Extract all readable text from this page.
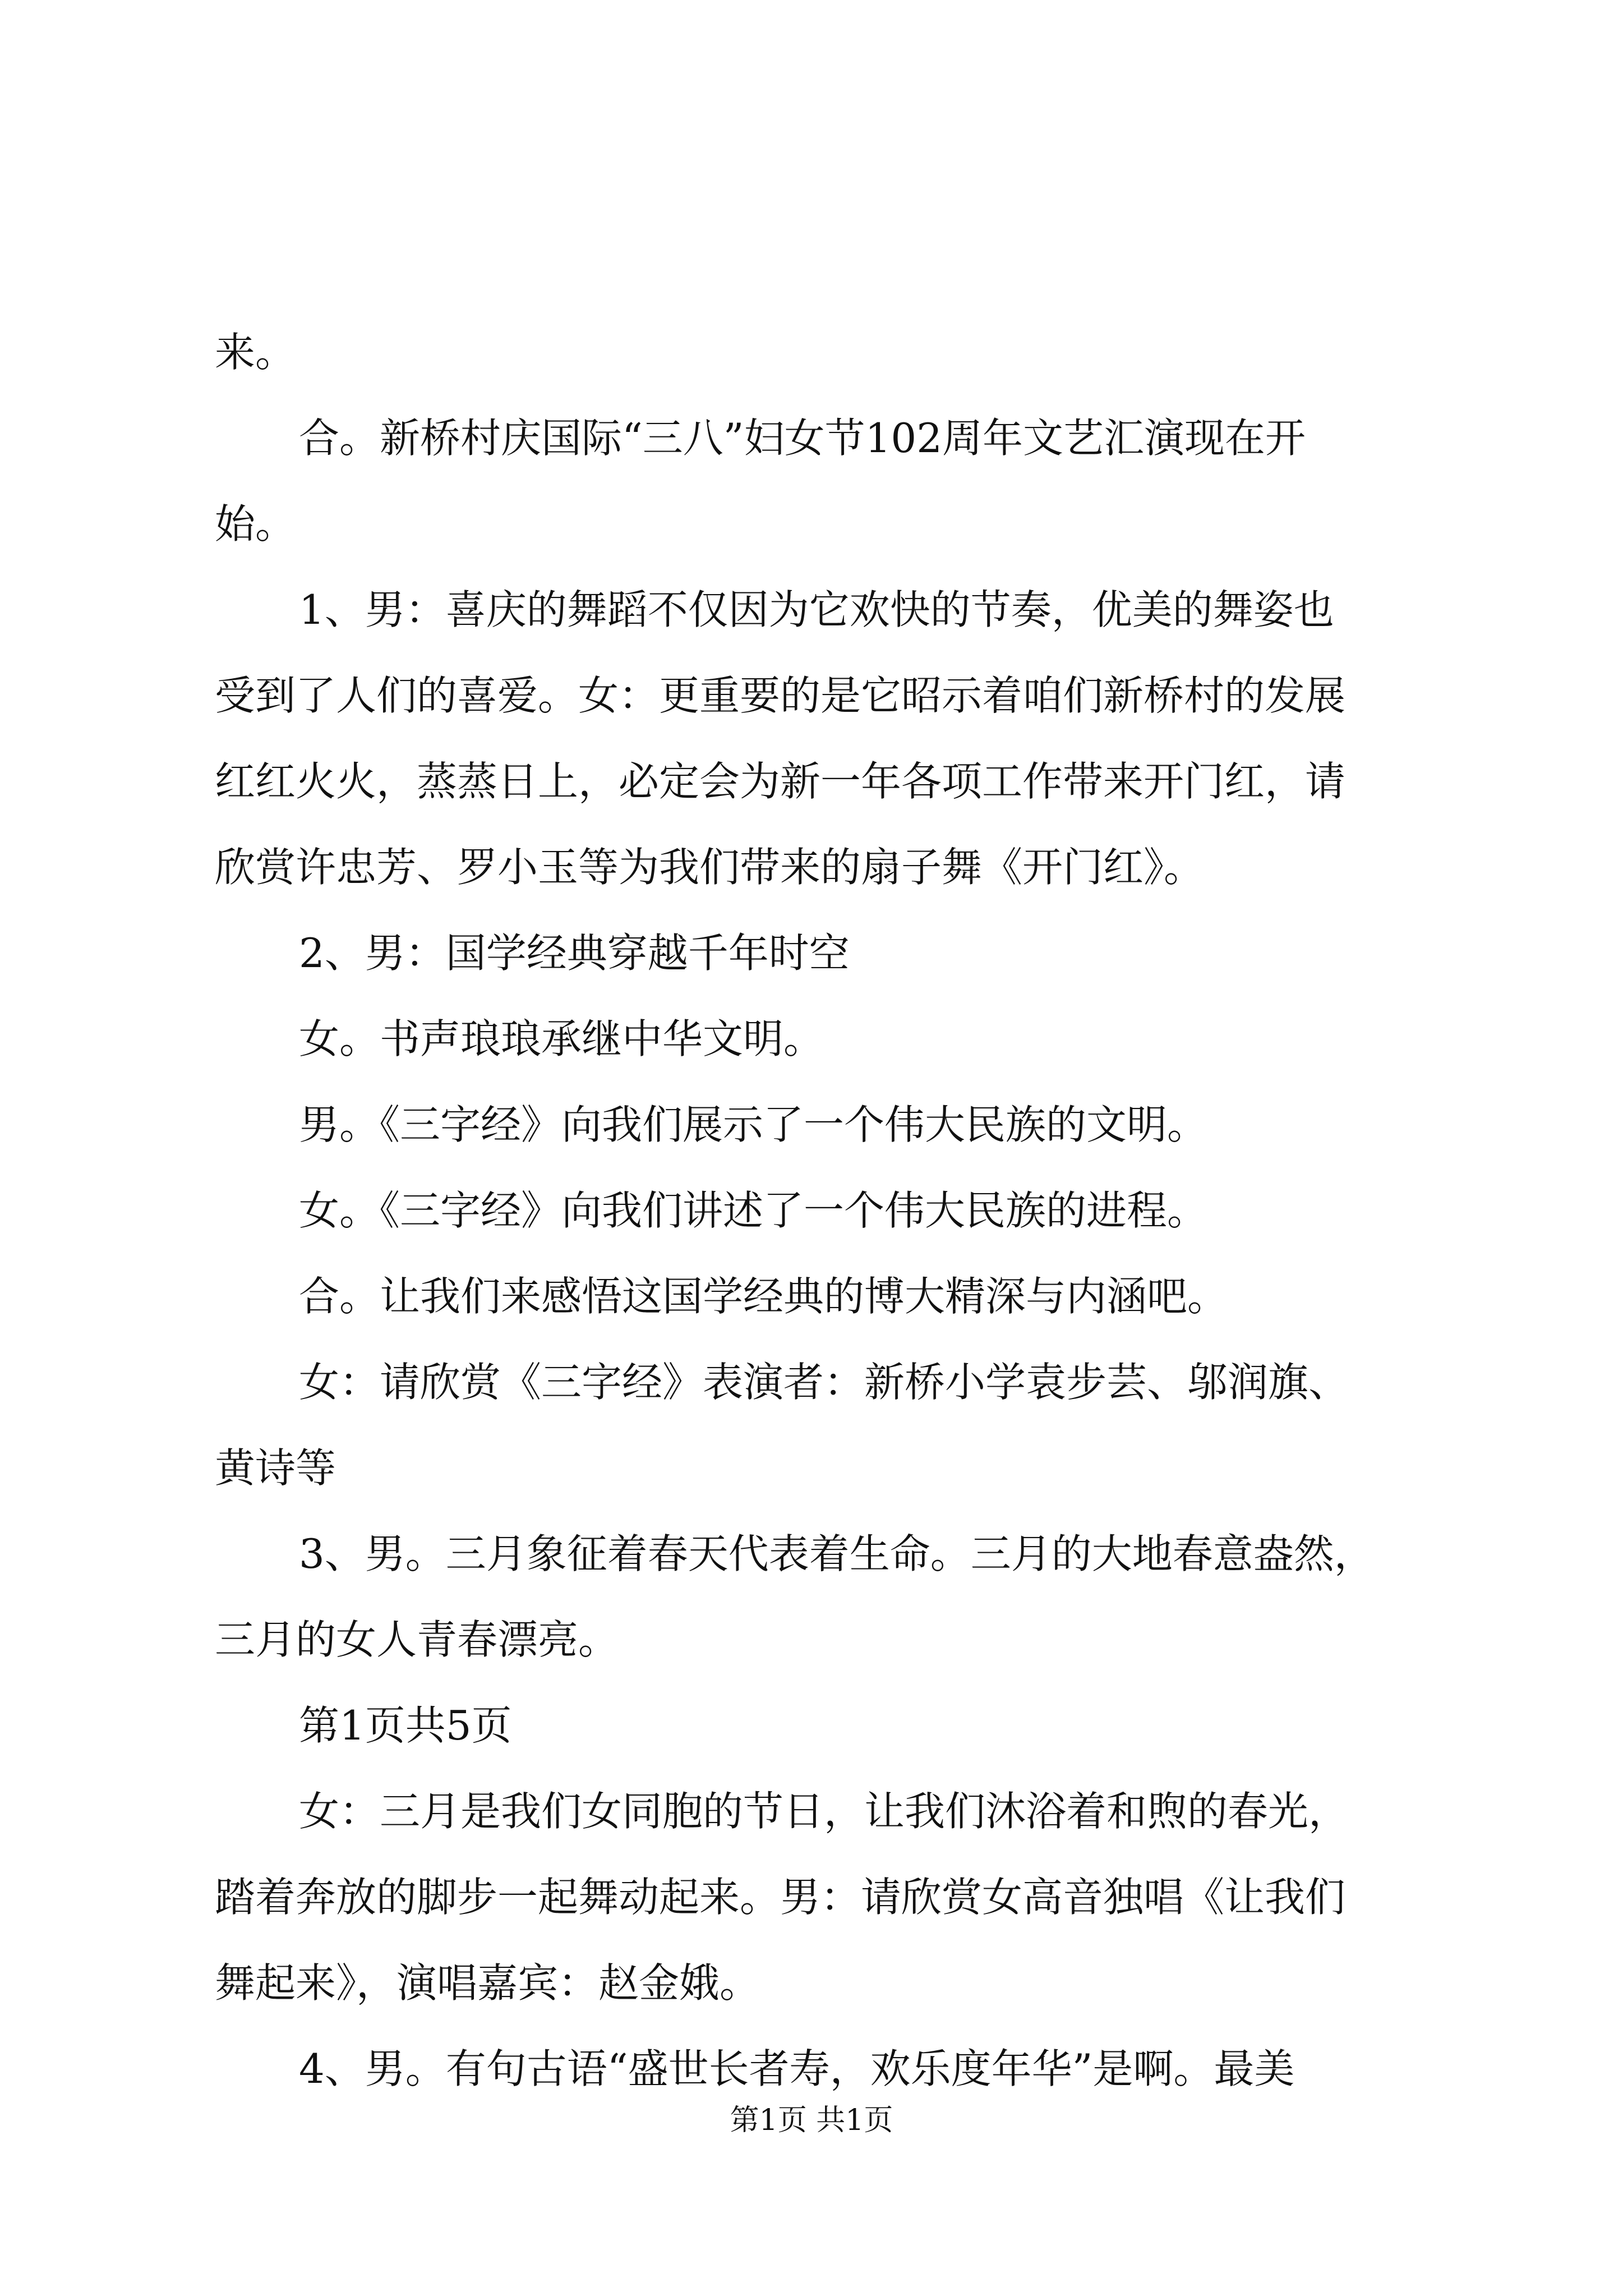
来。
合。新桥村庆国际“三八”妇女节102周年文艺汇演现在开
始。
1、男：喜庆的舞蹈不仅因为它欢快的节奏，优美的舞姿也
受到了人们的喜爱。女：更重要的是它昭示着咱们新桥村的发展
红红火火，蒸蒸日上，必定会为新一年各项工作带来开门红，请
欣赏许忠芳、罗小玉等为我们带来的扇子舞《开门红》。
2、男：国学经典穿越千年时空
女。书声琅琅承继中华文明。
男。《三字经》向我们展示了一个伟大民族的文明。
女。《三字经》向我们讲述了一个伟大民族的进程。
合。让我们来感悟这国学经典的博大精深与内涵吧。
女：请欣赏《三字经》表演者：新桥小学袁步芸、邬润旗、
黄诗等
3、男。三月象征着春天代表着生命。三月的大地春意盎然，
三月的女人青春漂亮。
第1页共5页
女：三月是我们女同胞的节日，让我们沐浴着和煦的春光，
踏着奔放的脚步一起舞动起来。男：请欣赏女高音独唱《让我们
舞起来》，演唱嘉宾：赵金娥。
4、男。有句古语“盛世长者寿，欢乐度年华”是啊。最美
第1页 共1页
